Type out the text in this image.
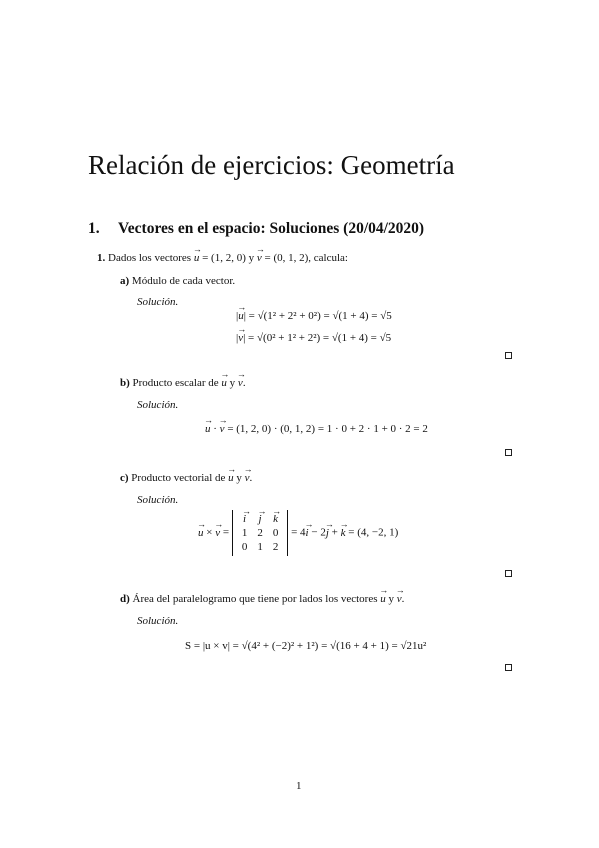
Relación de ejercicios: Geometría
1. Vectores en el espacio: Soluciones (20/04/2020)
1. Dados los vectores → u = (1, 2, 0) y → v = (0, 1, 2), calcula:
a) Módulo de cada vector.
Solución.
|→ u| = √(1² + 2² + 0²) = √(1 + 4) = √5
|→ v| = √(0² + 1² + 2²) = √(1 + 4) = √5
b) Producto escalar de → u y → v.
Solución.
→ u · → v = (1, 2, 0) · (0, 1, 2) = 1 · 0 + 2 · 1 + 0 · 2 = 2
c) Producto vectorial de → u y → v.
Solución.
→ u × → v =
→ i	→ j	→ k
1	2	0
0	1	2
= 4→ i − 2→ j + → k = (4, −2, 1)
d) Área del paralelogramo que tiene por lados los vectores → u y → v.
Solución.
S = |u × v| = √(4² + (−2)² + 1²) = √(16 + 4 + 1) = √21u²
1
